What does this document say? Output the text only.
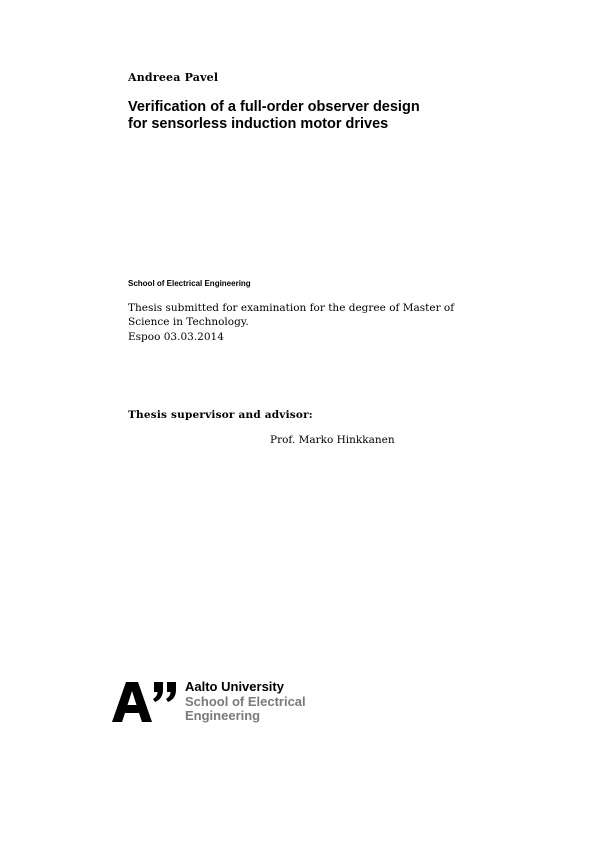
Andreea Pavel
Verification of a full-order observer design
for sensorless induction motor drives
School of Electrical Engineering
Thesis submitted for examination for the degree of Master of
Science in Technology.
Espoo 03.03.2014
Thesis supervisor and advisor:
Prof. Marko Hinkkanen
Aalto University
School of Electrical
Engineering
